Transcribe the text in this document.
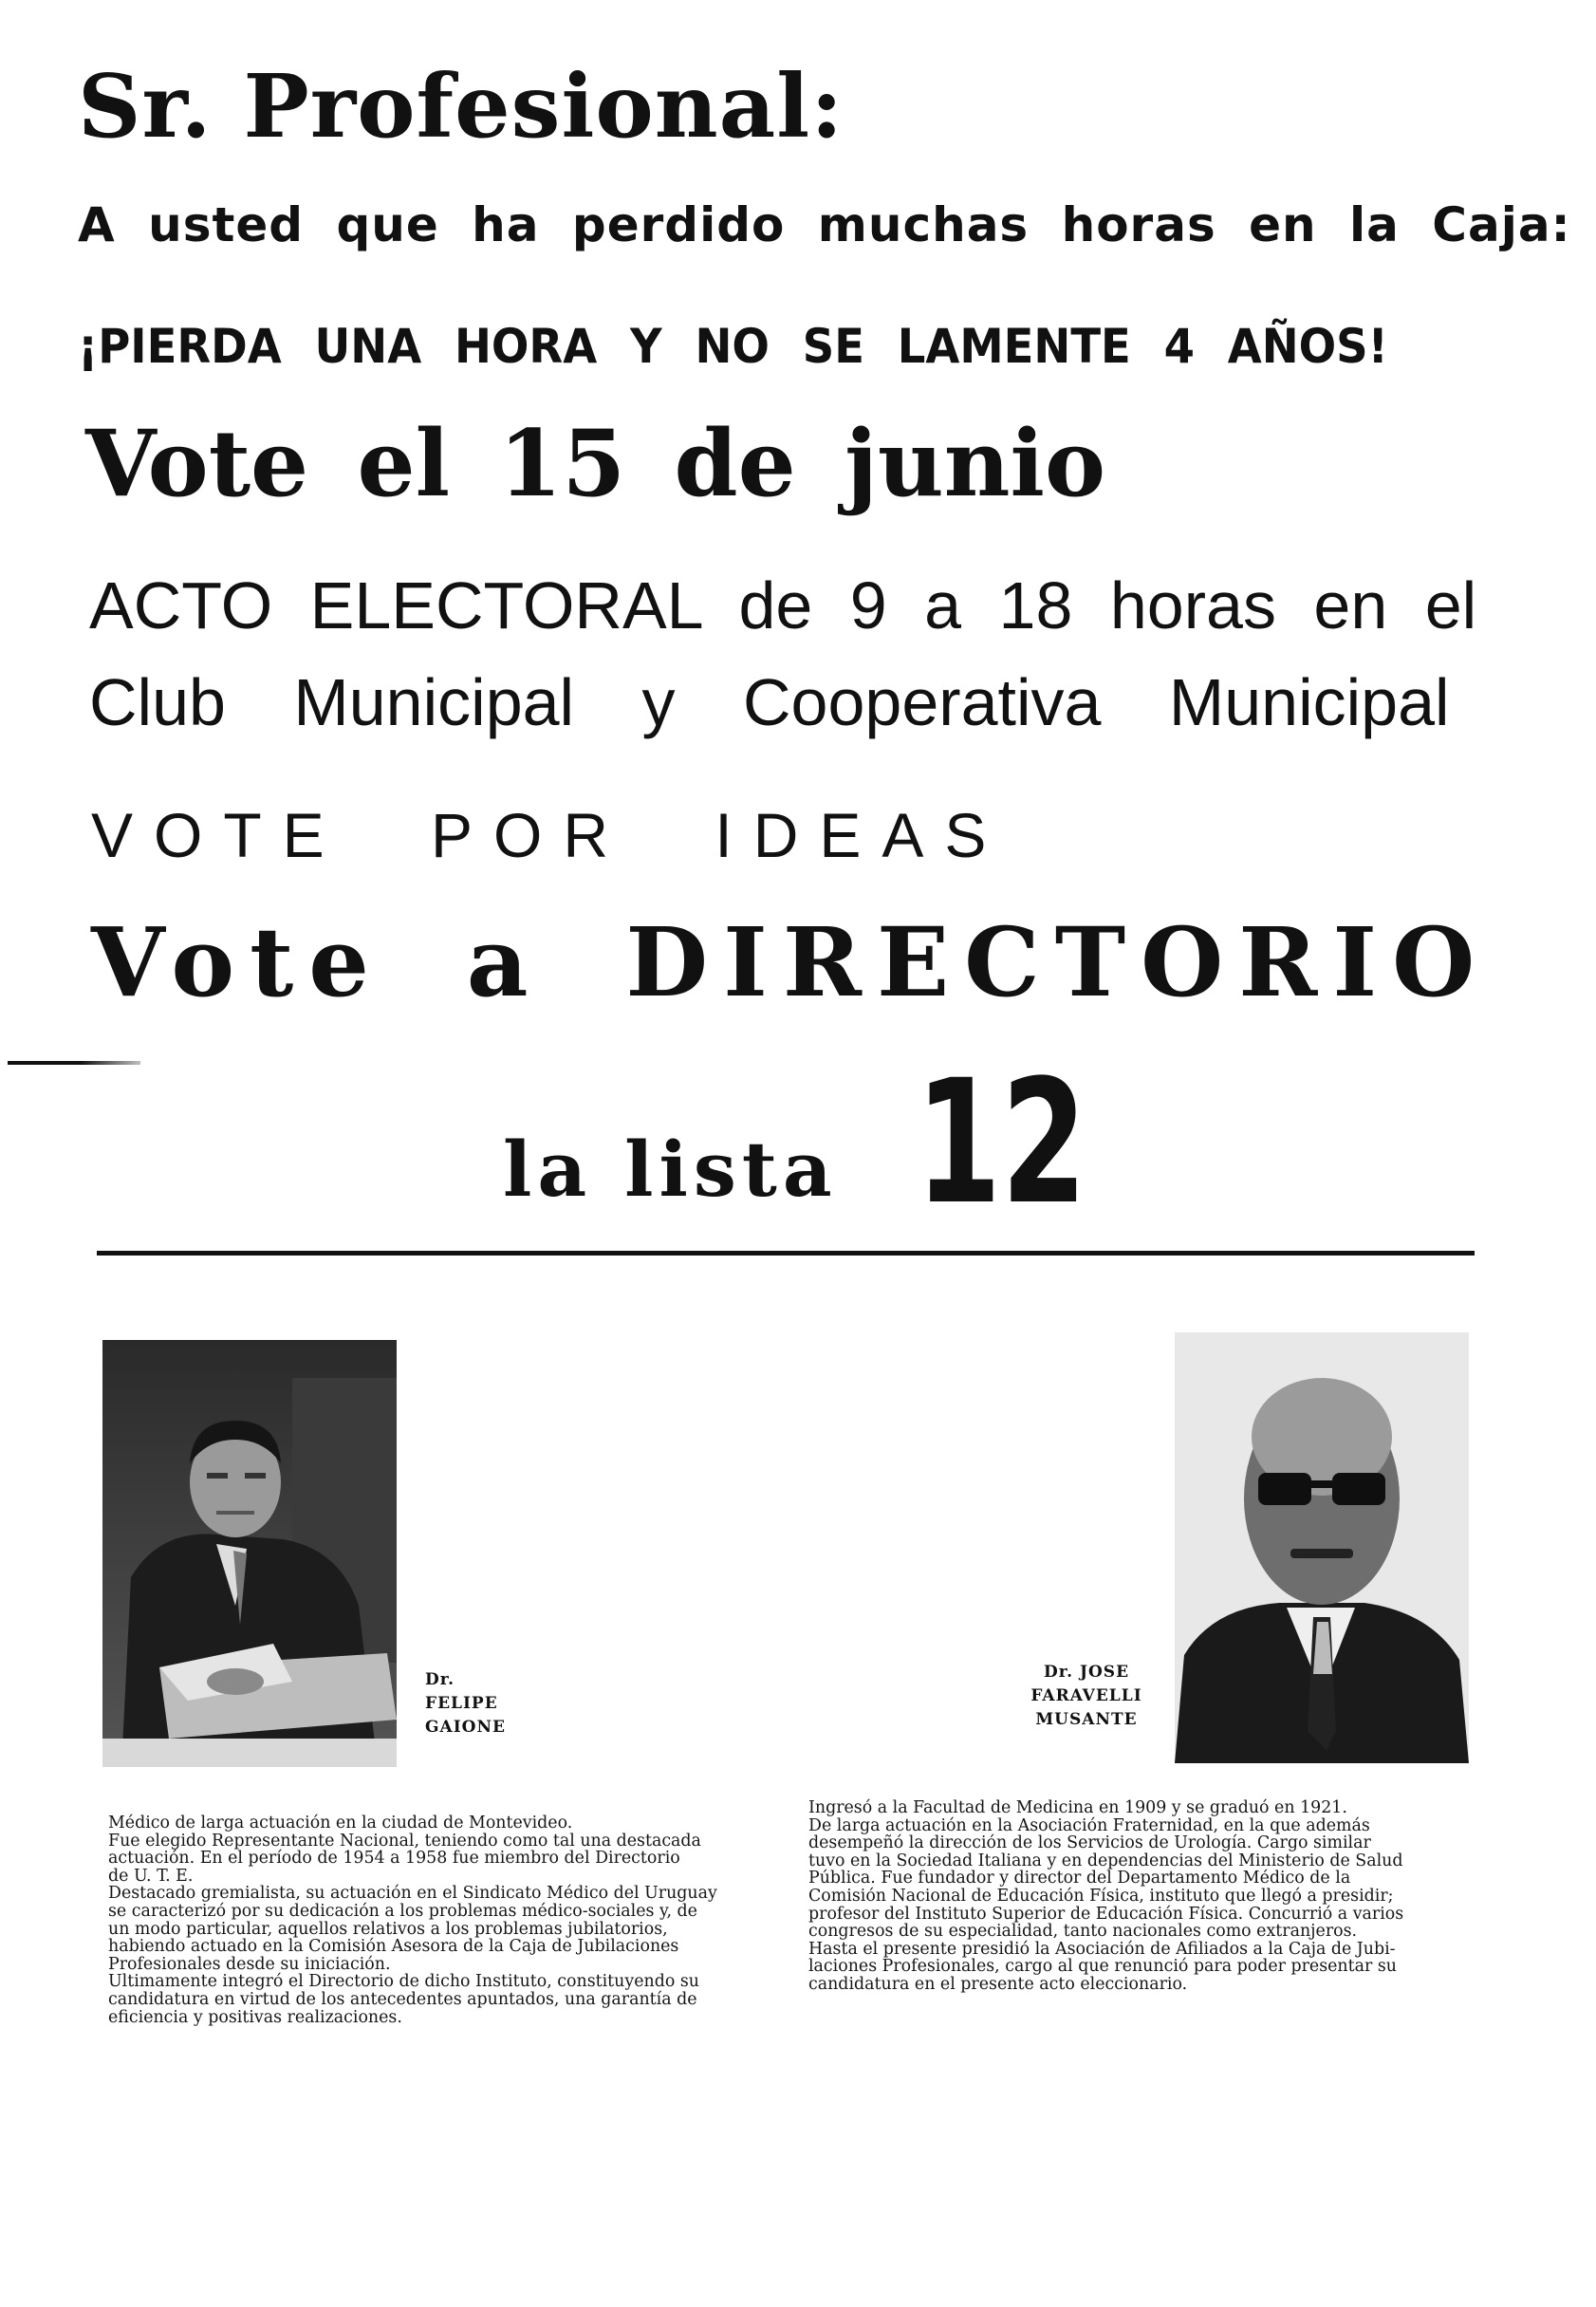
Sr. Profesional:
A usted que ha perdido muchas horas en la Caja:
¡PIERDA UNA HORA Y NO SE LAMENTE 4 AÑOS!
Vote el 15 de junio
ACTO ELECTORAL de 9 a 18 horas en el
Club Municipal y Cooperativa Municipal
VOTE POR IDEAS
Vote a DIRECTORIO
la lista 12
Dr.
FELIPE
GAIONE
Dr. JOSE
FARAVELLI
MUSANTE
Médico de larga actuación en la ciudad de Montevideo.
Fue elegido Representante Nacional, teniendo como tal una destacada
actuación. En el período de 1954 a 1958 fue miembro del Directorio
de U. T. E.
Destacado gremialista, su actuación en el Sindicato Médico del Uruguay
se caracterizó por su dedicación a los problemas médico-sociales y, de
un modo particular, aquellos relativos a los problemas jubilatorios,
habiendo actuado en la Comisión Asesora de la Caja de Jubilaciones
Profesionales desde su iniciación.
Ultimamente integró el Directorio de dicho Instituto, constituyendo su
candidatura en virtud de los antecedentes apuntados, una garantía de
eficiencia y positivas realizaciones.
Ingresó a la Facultad de Medicina en 1909 y se graduó en 1921.
De larga actuación en la Asociación Fraternidad, en la que además
desempeñó la dirección de los Servicios de Urología. Cargo similar
tuvo en la Sociedad Italiana y en dependencias del Ministerio de Salud
Pública. Fue fundador y director del Departamento Médico de la
Comisión Nacional de Educación Física, instituto que llegó a presidir;
profesor del Instituto Superior de Educación Física. Concurrió a varios
congresos de su especialidad, tanto nacionales como extranjeros.
Hasta el presente presidió la Asociación de Afiliados a la Caja de Jubi-
laciones Profesionales, cargo al que renunció para poder presentar su
candidatura en el presente acto eleccionario.
